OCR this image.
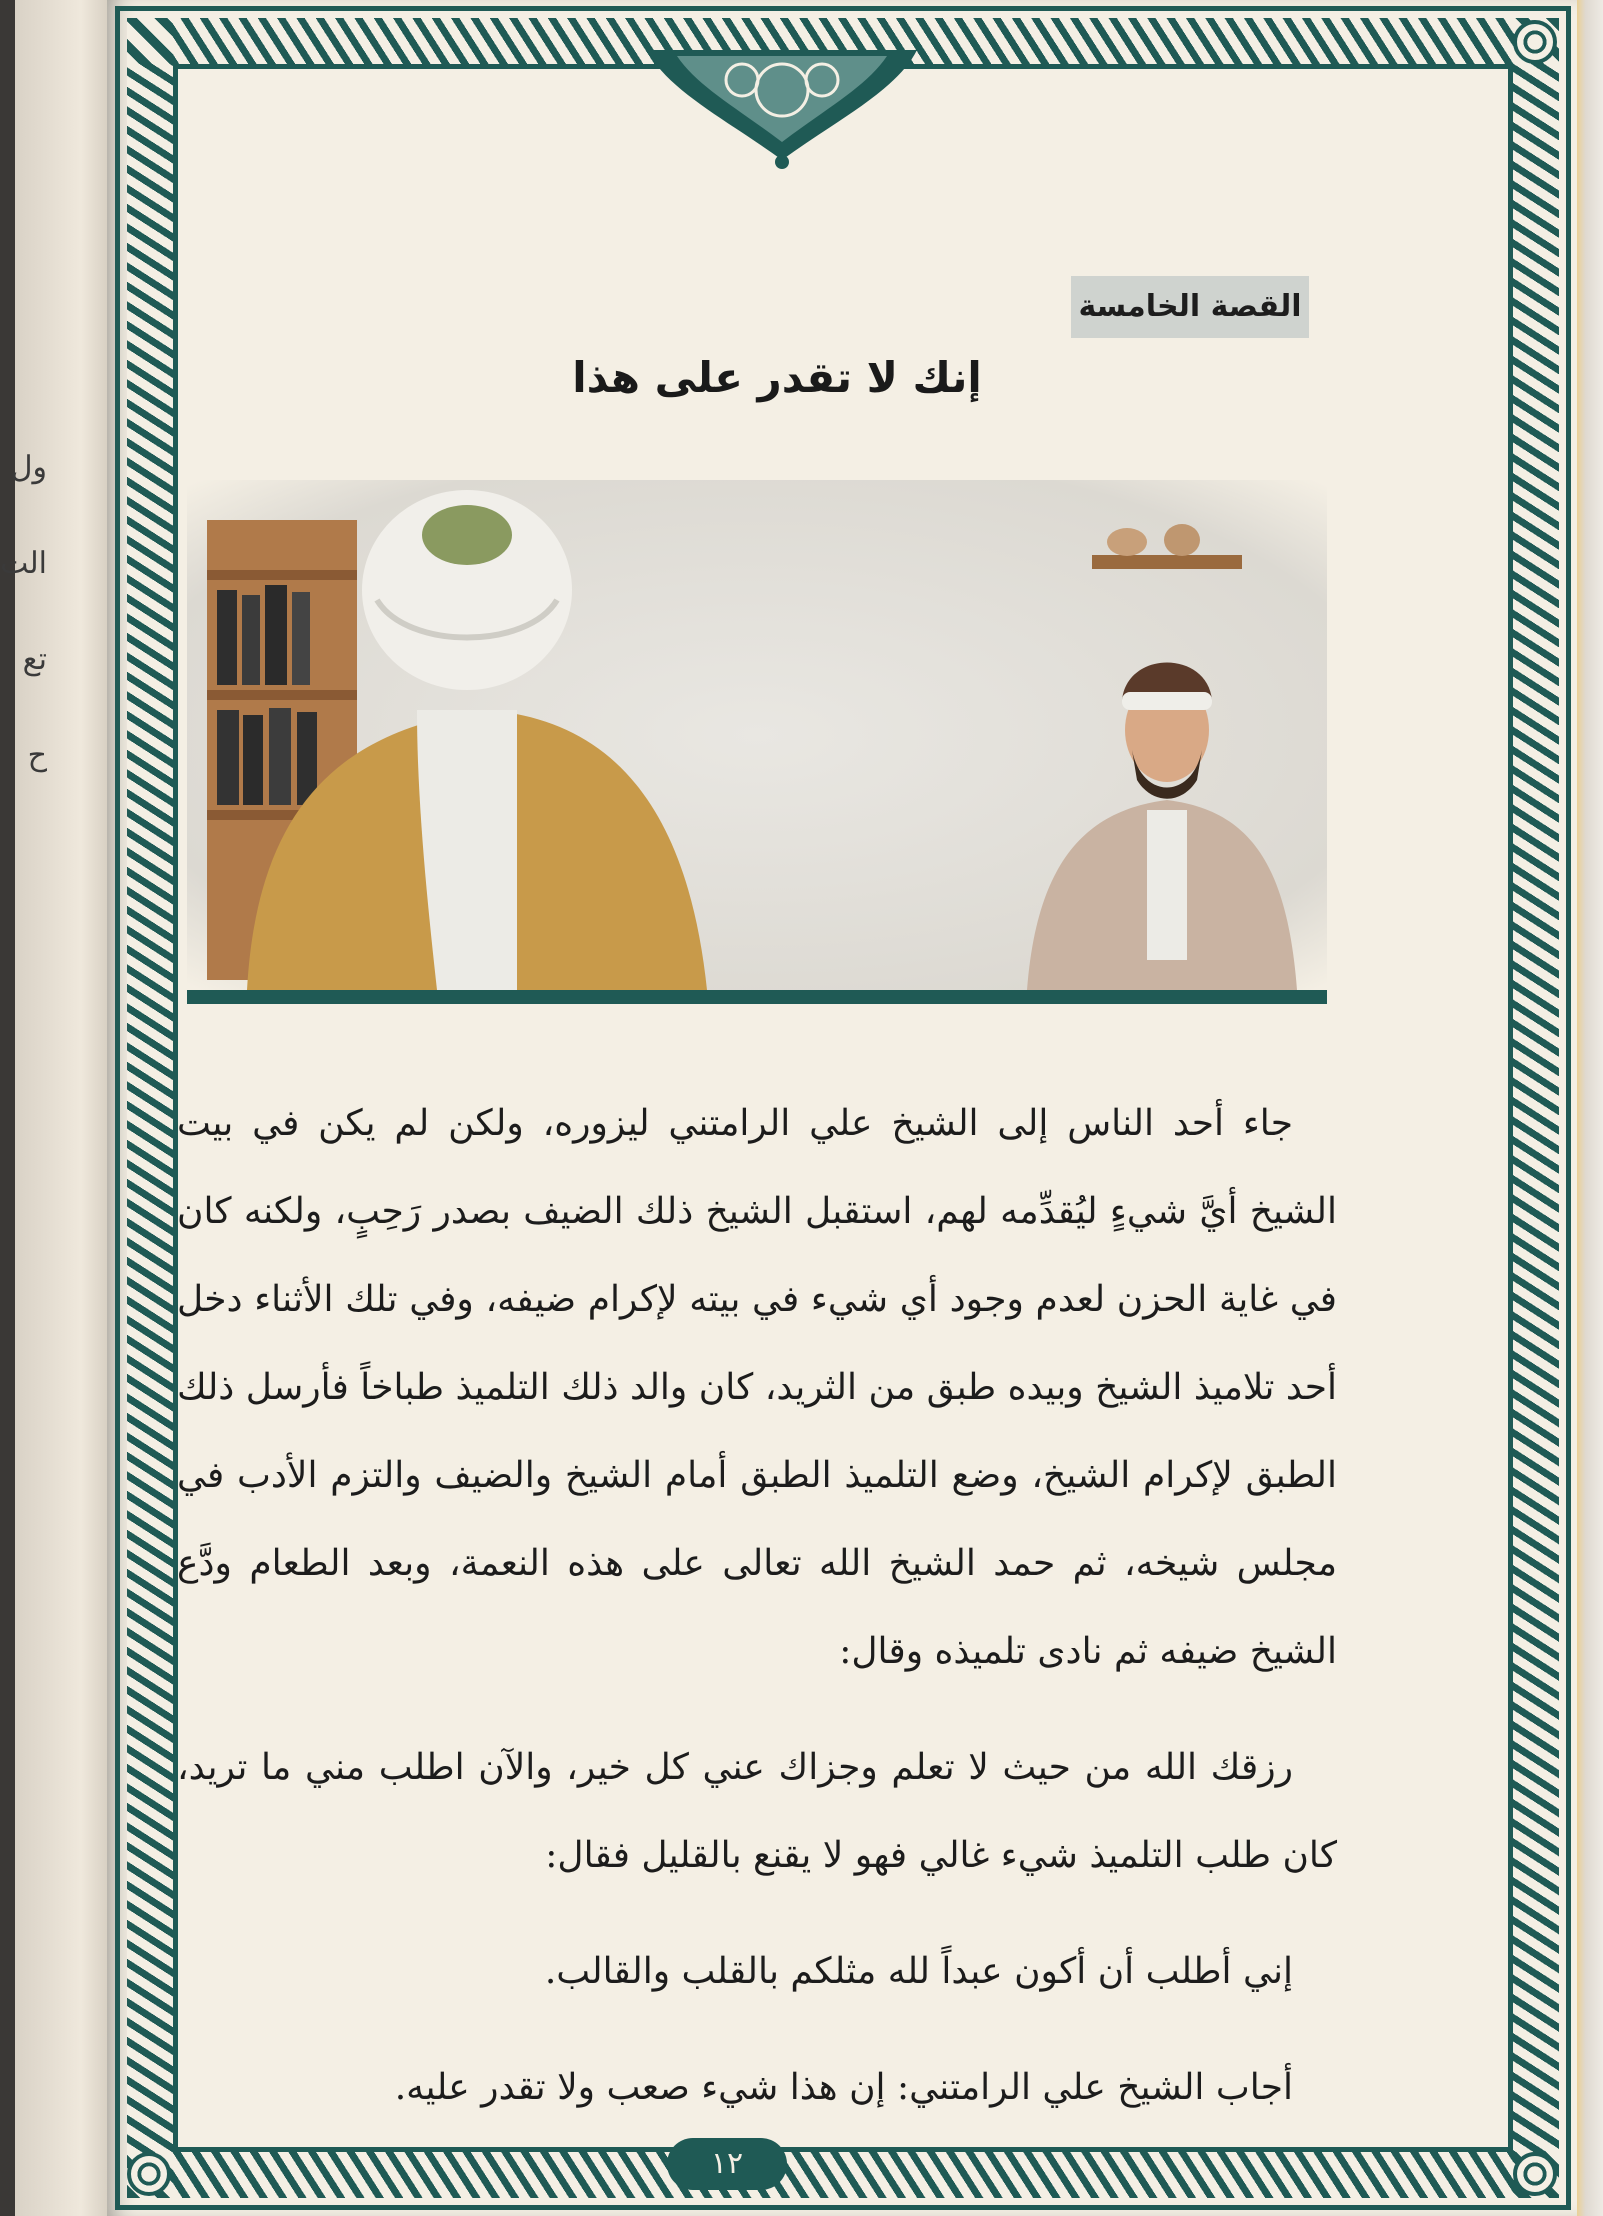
ول
الت
تع
ح
القصة الخامسة
إنك لا تقدر على هذا

جاء أحد الناس إلى الشيخ علي الرامتني ليزوره، ولكن لم يكن في بيت الشيخ أيَّ شيءٍ ليُقدِّمه لهم، استقبل الشيخ ذلك الضيف بصدر رَحِبٍ، ولكنه كان في غاية الحزن لعدم وجود أي شيء في بيته لإكرام ضيفه، وفي تلك الأثناء دخل أحد تلاميذ الشيخ وبيده طبق من الثريد، كان والد ذلك التلميذ طباخاً فأرسل ذلك الطبق لإكرام الشيخ، وضع التلميذ الطبق أمام الشيخ والضيف والتزم الأدب في مجلس شيخه، ثم حمد الشيخ الله تعالى على هذه النعمة، وبعد الطعام ودَّع الشيخ ضيفه ثم نادى تلميذه وقال:

رزقك الله من حيث لا تعلم وجزاك عني كل خير، والآن اطلب مني ما تريد، كان طلب التلميذ شيء غالي فهو لا يقنع بالقليل فقال:

إني أطلب أن أكون عبداً لله مثلكم بالقلب والقالب.

أجاب الشيخ علي الرامتني: إن هذا شيء صعب ولا تقدر عليه.

١٢
